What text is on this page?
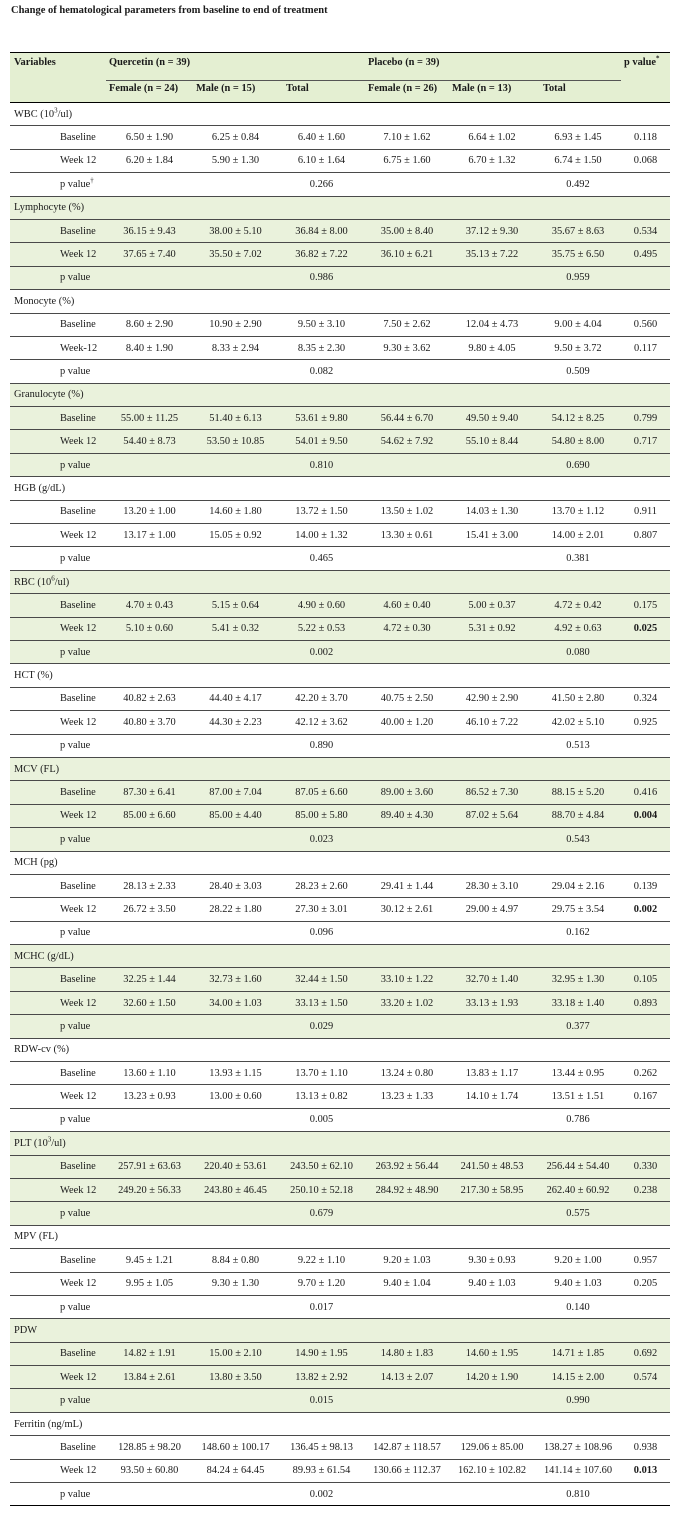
Change of hematological parameters from baseline to end of treatment
Variables	Quercetin (n = 39)			Placebo (n = 39)			p value*
	Female (n = 24)	Male (n = 15)	Total	Female (n = 26)	Male (n = 13)	Total	
WBC $(10^3/ul)$							
Baseline	6.50 ± 1.90	6.25 ± 0.84	6.40 ± 1.60	7.10 ± 1.62	6.64 ± 1.02	6.93 ± 1.45	0.118
Week 12	6.20 ± 1.84	5.90 ± 1.30	6.10 ± 1.64	6.75 ± 1.60	6.70 ± 1.32	6.74 ± 1.50	0.068
p value†			0.266			0.492	
Lymphocyte (%)							
Baseline	36.15 ± 9.43	38.00 ± 5.10	36.84 ± 8.00	35.00 ± 8.40	37.12 ± 9.30	35.67 ± 8.63	0.534
Week 12	37.65 ± 7.40	35.50 ± 7.02	36.82 ± 7.22	36.10 ± 6.21	35.13 ± 7.22	35.75 ± 6.50	0.495
p value			0.986			0.959	
Monocyte (%)							
Baseline	8.60 ± 2.90	10.90 ± 2.90	9.50 ± 3.10	7.50 ± 2.62	12.04 ± 4.73	9.00 ± 4.04	0.560
Week-12	8.40 ± 1.90	8.33 ± 2.94	8.35 ± 2.30	9.30 ± 3.62	9.80 ± 4.05	9.50 ± 3.72	0.117
p value			0.082			0.509	
Granulocyte (%)							
Baseline	55.00 ± 11.25	51.40 ± 6.13	53.61 ± 9.80	56.44 ± 6.70	49.50 ± 9.40	54.12 ± 8.25	0.799
Week 12	54.40 ± 8.73	53.50 ± 10.85	54.01 ± 9.50	54.62 ± 7.92	55.10 ± 8.44	54.80 ± 8.00	0.717
p value			0.810			0.690	
HGB (g/dL)							
Baseline	13.20 ± 1.00	14.60 ± 1.80	13.72 ± 1.50	13.50 ± 1.02	14.03 ± 1.30	13.70 ± 1.12	0.911
Week 12	13.17 ± 1.00	15.05 ± 0.92	14.00 ± 1.32	13.30 ± 0.61	15.41 ± 3.00	14.00 ± 2.01	0.807
p value			0.465			0.381	
RBC $(10^6/ul)$							
Baseline	4.70 ± 0.43	5.15 ± 0.64	4.90 ± 0.60	4.60 ± 0.40	5.00 ± 0.37	4.72 ± 0.42	0.175
Week 12	5.10 ± 0.60	5.41 ± 0.32	5.22 ± 0.53	4.72 ± 0.30	5.31 ± 0.92	4.92 ± 0.63	0.025
p value			0.002			0.080	
HCT (%)							
Baseline	40.82 ± 2.63	44.40 ± 4.17	42.20 ± 3.70	40.75 ± 2.50	42.90 ± 2.90	41.50 ± 2.80	0.324
Week 12	40.80 ± 3.70	44.30 ± 2.23	42.12 ± 3.62	40.00 ± 1.20	46.10 ± 7.22	42.02 ± 5.10	0.925
p value			0.890			0.513	
MCV (FL)							
Baseline	87.30 ± 6.41	87.00 ± 7.04	87.05 ± 6.60	89.00 ± 3.60	86.52 ± 7.30	88.15 ± 5.20	0.416
Week 12	85.00 ± 6.60	85.00 ± 4.40	85.00 ± 5.80	89.40 ± 4.30	87.02 ± 5.64	88.70 ± 4.84	0.004
p value			0.023			0.543	
MCH (pg)							
Baseline	28.13 ± 2.33	28.40 ± 3.03	28.23 ± 2.60	29.41 ± 1.44	28.30 ± 3.10	29.04 ± 2.16	0.139
Week 12	26.72 ± 3.50	28.22 ± 1.80	27.30 ± 3.01	30.12 ± 2.61	29.00 ± 4.97	29.75 ± 3.54	0.002
p value			0.096			0.162	
MCHC (g/dL)							
Baseline	32.25 ± 1.44	32.73 ± 1.60	32.44 ± 1.50	33.10 ± 1.22	32.70 ± 1.40	32.95 ± 1.30	0.105
Week 12	32.60 ± 1.50	34.00 ± 1.03	33.13 ± 1.50	33.20 ± 1.02	33.13 ± 1.93	33.18 ± 1.40	0.893
p value			0.029			0.377	
RDW-cv (%)							
Baseline	13.60 ± 1.10	13.93 ± 1.15	13.70 ± 1.10	13.24 ± 0.80	13.83 ± 1.17	13.44 ± 0.95	0.262
Week 12	13.23 ± 0.93	13.00 ± 0.60	13.13 ± 0.82	13.23 ± 1.33	14.10 ± 1.74	13.51 ± 1.51	0.167
p value			0.005			0.786	
PLT $(10^3/ul)$							
Baseline	257.91 ± 63.63	220.40 ± 53.61	243.50 ± 62.10	263.92 ± 56.44	241.50 ± 48.53	256.44 ± 54.40	0.330
Week 12	249.20 ± 56.33	243.80 ± 46.45	250.10 ± 52.18	284.92 ± 48.90	217.30 ± 58.95	262.40 ± 60.92	0.238
p value			0.679			0.575	
MPV (FL)							
Baseline	9.45 ± 1.21	8.84 ± 0.80	9.22 ± 1.10	9.20 ± 1.03	9.30 ± 0.93	9.20 ± 1.00	0.957
Week 12	9.95 ± 1.05	9.30 ± 1.30	9.70 ± 1.20	9.40 ± 1.04	9.40 ± 1.03	9.40 ± 1.03	0.205
p value			0.017			0.140	
PDW							
Baseline	14.82 ± 1.91	15.00 ± 2.10	14.90 ± 1.95	14.80 ± 1.83	14.60 ± 1.95	14.71 ± 1.85	0.692
Week 12	13.84 ± 2.61	13.80 ± 3.50	13.82 ± 2.92	14.13 ± 2.07	14.20 ± 1.90	14.15 ± 2.00	0.574
p value			0.015			0.990	
Ferritin (ng/mL)							
Baseline	128.85 ± 98.20	148.60 ± 100.17	136.45 ± 98.13	142.87 ± 118.57	129.06 ± 85.00	138.27 ± 108.96	0.938
Week 12	93.50 ± 60.80	84.24 ± 64.45	89.93 ± 61.54	130.66 ± 112.37	162.10 ± 102.82	141.14 ± 107.60	0.013
p value			0.002			0.810	
